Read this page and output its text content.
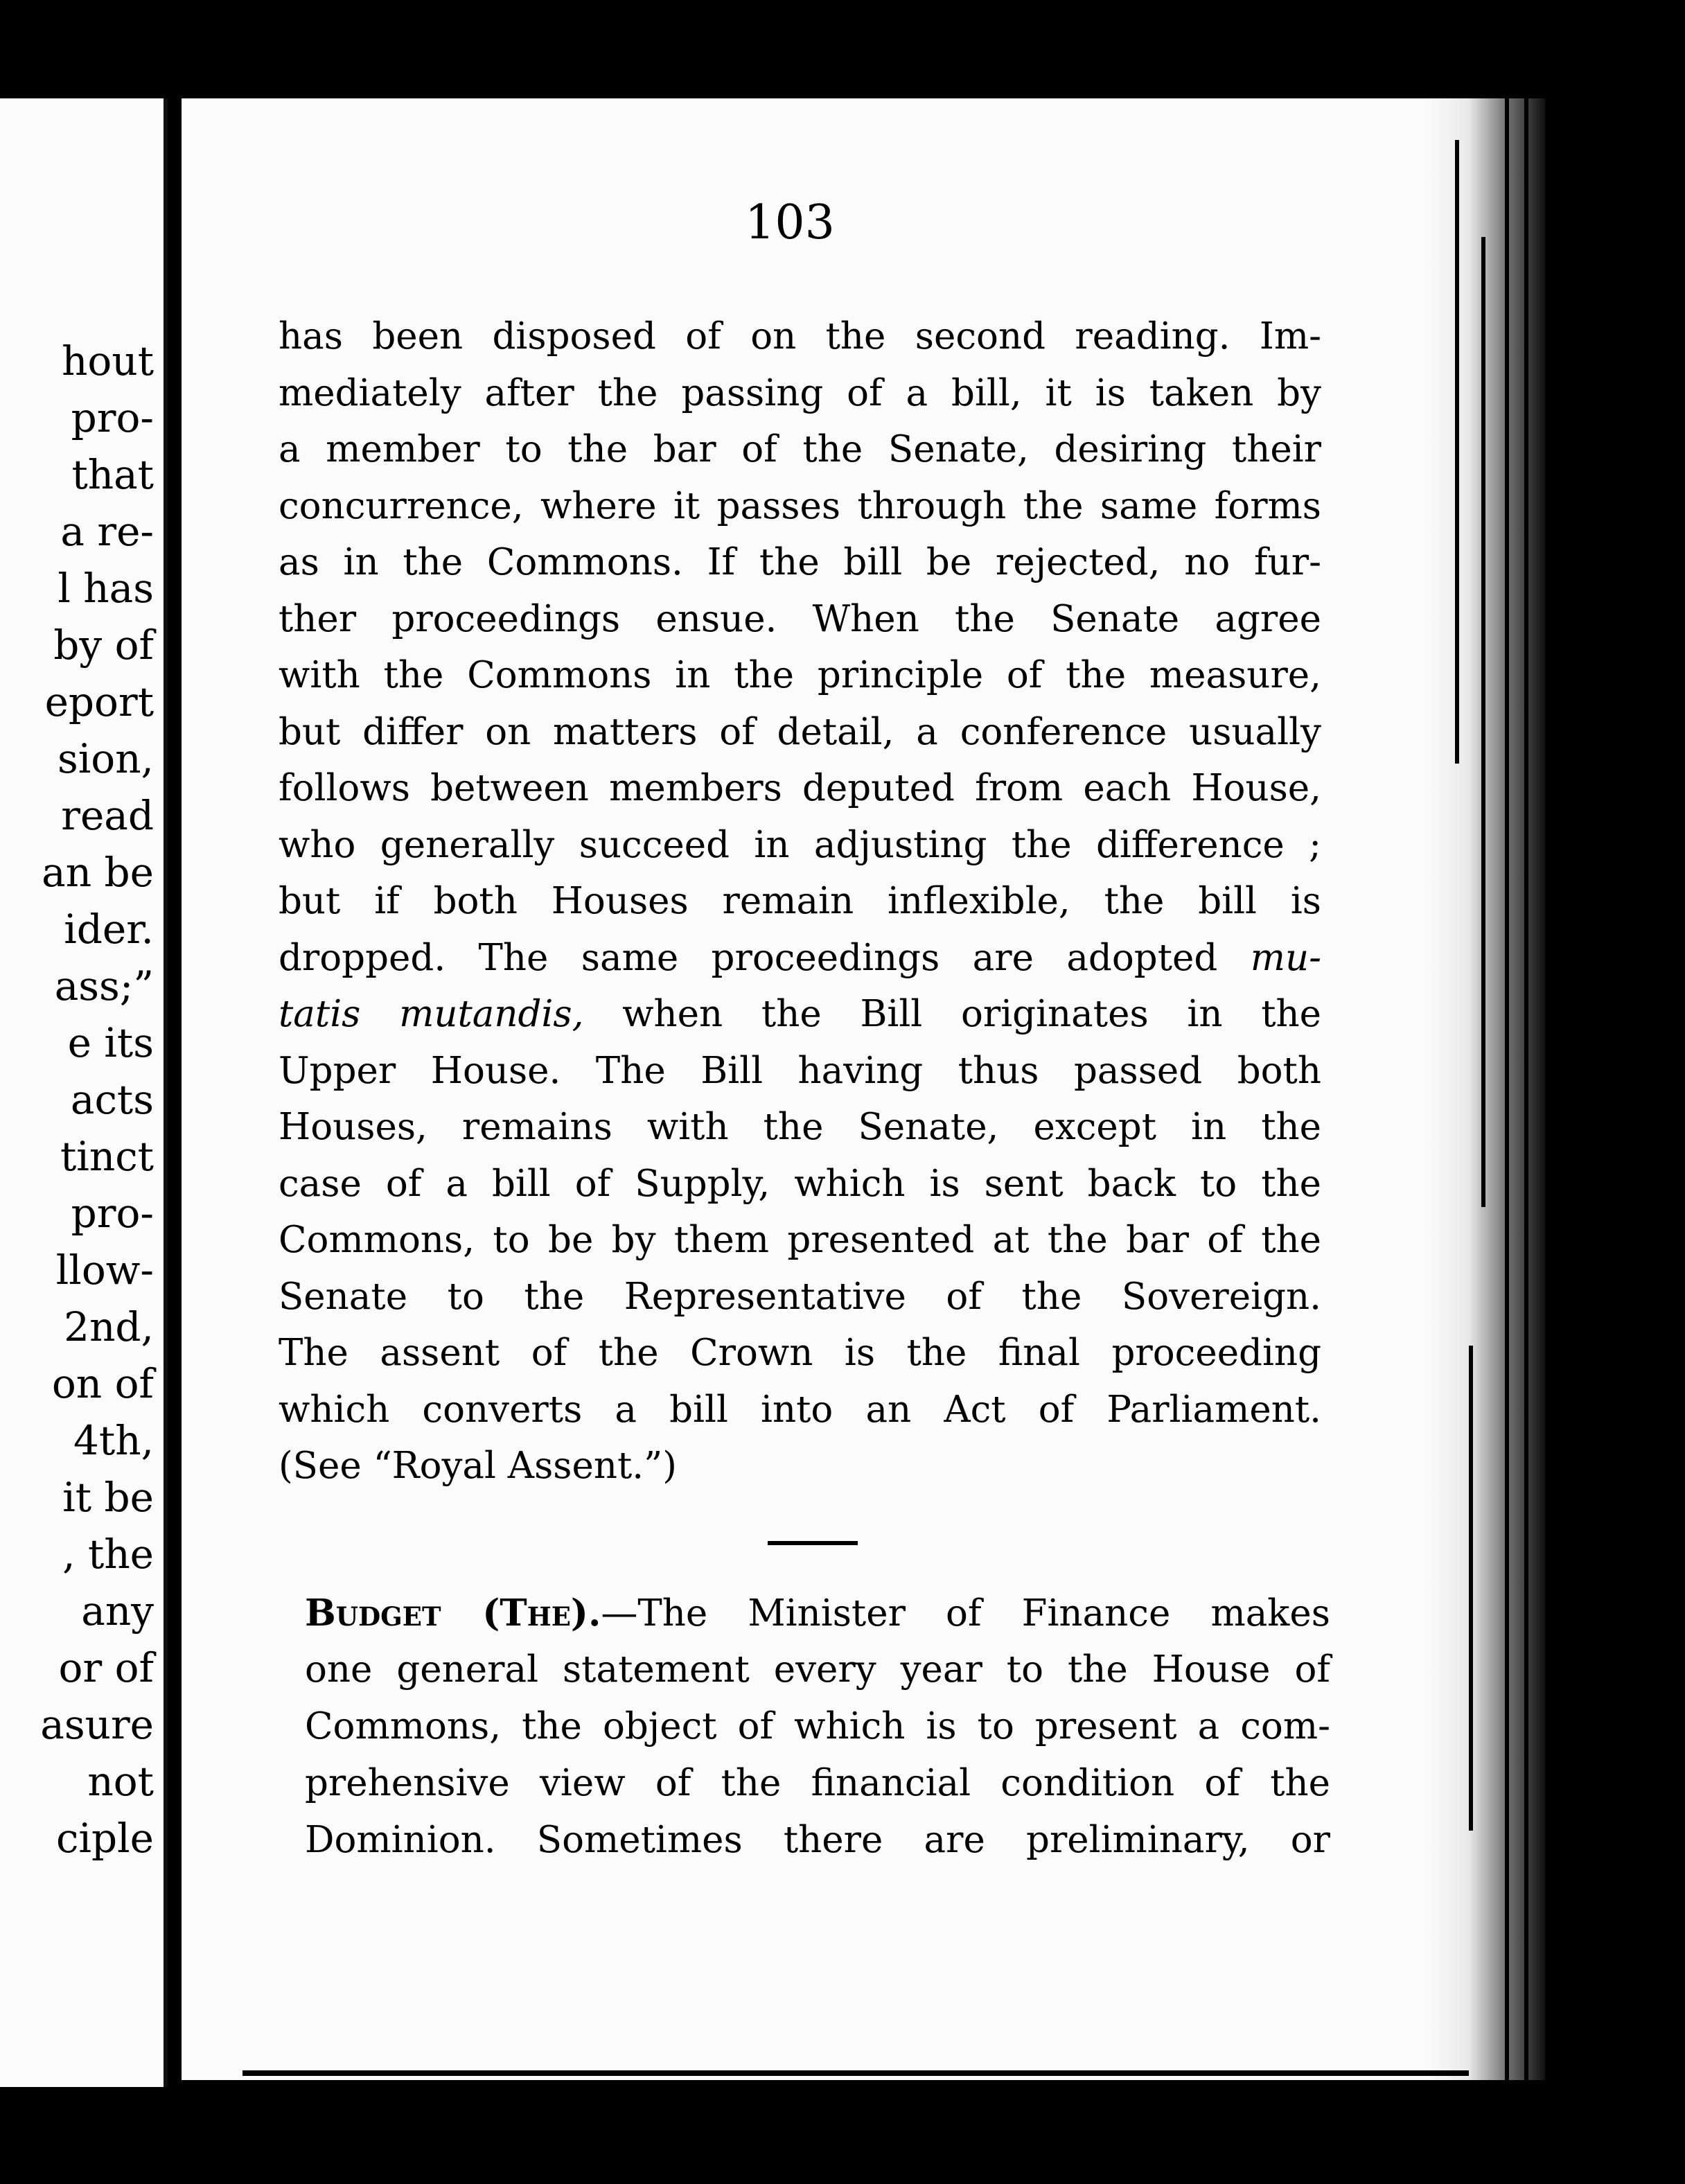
hout
pro-
that
a re-
l has
by of
eport
sion,
read
an be
ider.
ass;”
e its
acts
tinct
pro-
llow-
2nd,
on of
4th,
it be
, the
any
or of
asure
not
ciple
103
has been disposed of on the second reading. Im-
mediately after the passing of a bill, it is taken by
a member to the bar of the Senate, desiring their
concurrence, where it passes through the same forms
as in the Commons. If the bill be rejected, no fur-
ther proceedings ensue. When the Senate agree
with the Commons in the principle of the measure,
but differ on matters of detail, a conference usually
follows between members deputed from each House,
who generally succeed in adjusting the difference ;
but if both Houses remain inflexible, the bill is
dropped. The same proceedings are adopted mu-
tatis mutandis, when the Bill originates in the
Upper House. The Bill having thus passed both
Houses, remains with the Senate, except in the
case of a bill of Supply, which is sent back to the
Commons, to be by them presented at the bar of the
Senate to the Representative of the Sovereign.
The assent of the Crown is the final proceeding
which converts a bill into an Act of Parliament.
(See “Royal Assent.”)
Budget (The).—The Minister of Finance makes
one general statement every year to the House of
Commons, the object of which is to present a com-
prehensive view of the financial condition of the
Dominion. Sometimes there are preliminary, or
